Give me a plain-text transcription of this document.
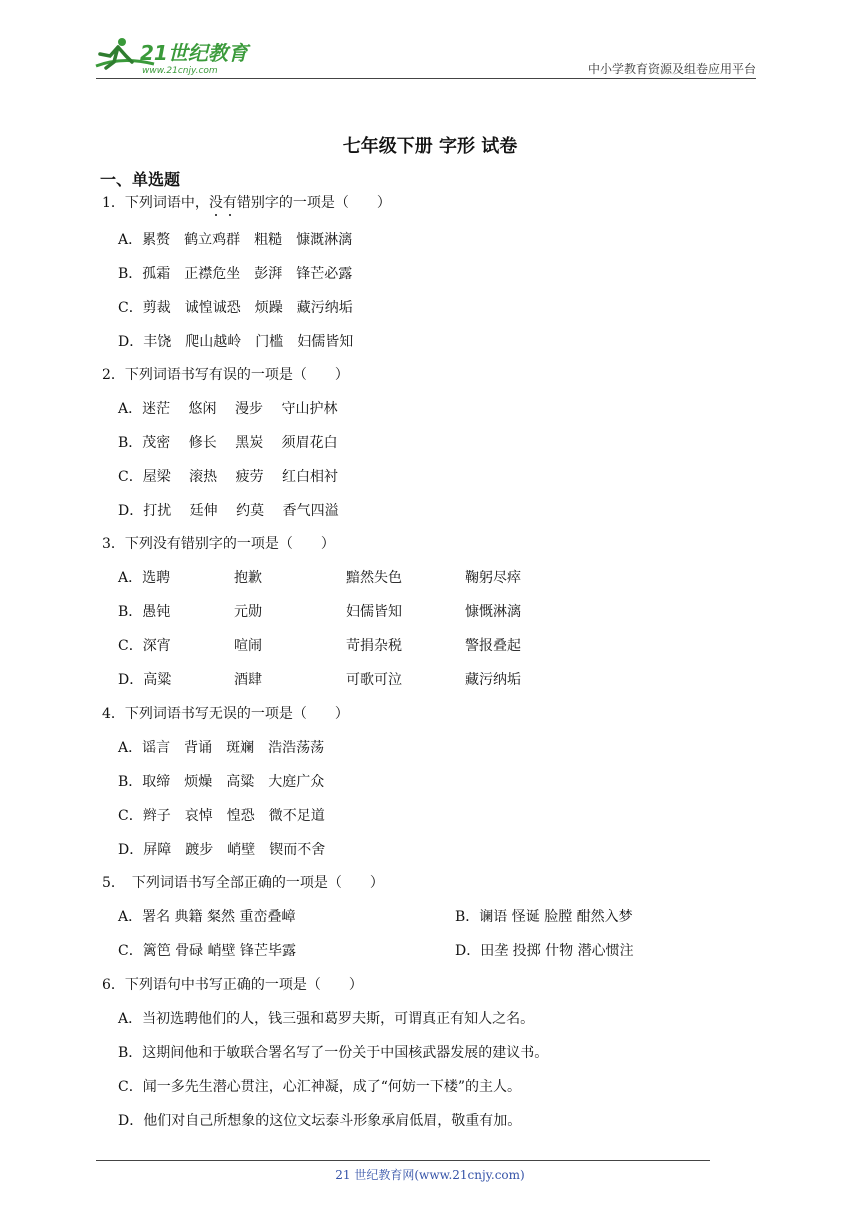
21世纪教育
www.21cnjy.com	中小学教育资源及组卷应用平台
七年级下册 字形 试卷
一、单选题
1．下列词语中，没有错别字的一项是（　　）
A．累赘　鹤立鸡群　粗糙　慷溉淋漓
B．孤霜　正襟危坐　彭湃　锋芒必露
C．剪裁　诚惶诚恐　烦躁　藏污纳垢
D．丰饶　爬山越岭　门槛　妇儒皆知
2．下列词语书写有误的一项是（　　）
A．迷茫　 悠闲　 漫步　 守山护林
B．茂密　 修长　 黑炭　 须眉花白
C．屋梁　 滚热　 疲劳　 红白相衬
D．打扰　 廷伸　 约莫　 香气四溢
3．下列没有错别字的一项是（　　）
A．选聘	抱歉	黯然失色	鞠躬尽瘁
B．愚钝	元勋	妇儒皆知	慷慨淋漓
C．深宵	喧闹	苛捐杂税	警报叠起
D．高粱	酒肆	可歌可泣	藏污纳垢
4．下列词语书写无误的一项是（　　）
A．谣言　背诵　斑斓　浩浩荡荡
B．取缔　烦燥　高粱　大庭广众
C．辫子　哀悼　惶恐　微不足道
D．屏障　踱步　峭壁　锲而不舍
5．　下列词语书写全部正确的一项是（　　）
A．署名 典籍 粲然 重峦叠嶂	B．谰语 怪诞 脸膛 酣然入梦
C．篱笆 骨碌 峭壁 锋芒毕露	D．田垄 投掷 什物 潜心惯注
6．下列语句中书写正确的一项是（　　）
A．当初选聘他们的人，钱三强和葛罗夫斯，可谓真正有知人之名。
B．这期间他和于敏联合署名写了一份关于中国核武器发展的建议书。
C．闻一多先生潜心贯注，心汇神凝，成了“何妨一下楼”的主人。
D．他们对自己所想象的这位文坛泰斗形象承肩低眉，敬重有加。
21 世纪教育网(www.21cnjy.com)
